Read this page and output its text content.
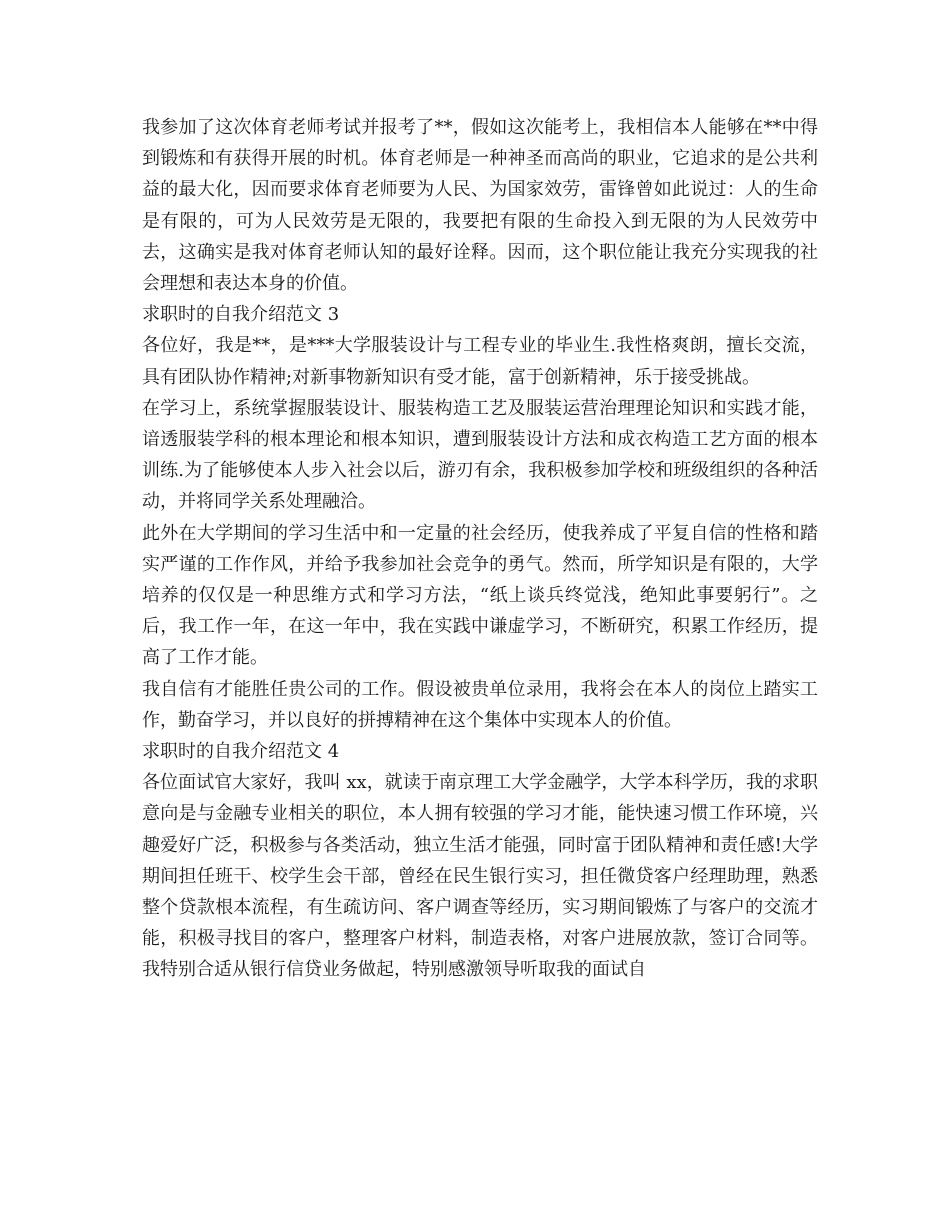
我参加了这次体育老师考试并报考了**，假如这次能考上，我相信本人能够在**中得到锻炼和有获得开展的时机。体育老师是一种神圣而高尚的职业，它追求的是公共利益的最大化，因而要求体育老师要为人民、为国家效劳，雷锋曾如此说过：人的生命是有限的，可为人民效劳是无限的，我要把有限的生命投入到无限的为人民效劳中去，这确实是我对体育老师认知的最好诠释。因而，这个职位能让我充分实现我的社会理想和表达本身的价值。

求职时的自我介绍范文 3

各位好，我是**，是***大学服装设计与工程专业的毕业生.我性格爽朗，擅长交流，具有团队协作精神;对新事物新知识有受才能，富于创新精神，乐于接受挑战。

在学习上，系统掌握服装设计、服装构造工艺及服装运营治理理论知识和实践才能，谙透服装学科的根本理论和根本知识，遭到服装设计方法和成衣构造工艺方面的根本训练.为了能够使本人步入社会以后，游刃有余，我积极参加学校和班级组织的各种活动，并将同学关系处理融洽。

此外在大学期间的学习生活中和一定量的社会经历，使我养成了平复自信的性格和踏实严谨的工作作风，并给予我参加社会竞争的勇气。然而，所学知识是有限的，大学培养的仅仅是一种思维方式和学习方法，“纸上谈兵终觉浅，绝知此事要躬行”。之后，我工作一年，在这一年中，我在实践中谦虚学习，不断研究，积累工作经历，提高了工作才能。

我自信有才能胜任贵公司的工作。假设被贵单位录用，我将会在本人的岗位上踏实工作，勤奋学习，并以良好的拼搏精神在这个集体中实现本人的价值。

求职时的自我介绍范文 4

各位面试官大家好，我叫 xx，就读于南京理工大学金融学，大学本科学历，我的求职意向是与金融专业相关的职位，本人拥有较强的学习才能，能快速习惯工作环境，兴趣爱好广泛，积极参与各类活动，独立生活才能强，同时富于团队精神和责任感!大学期间担任班干、校学生会干部，曾经在民生银行实习，担任微贷客户经理助理，熟悉整个贷款根本流程，有生疏访问、客户调查等经历，实习期间锻炼了与客户的交流才能，积极寻找目的客户，整理客户材料，制造表格，对客户进展放款，签订合同等。我特别合适从银行信贷业务做起，特别感激领导听取我的面试自
